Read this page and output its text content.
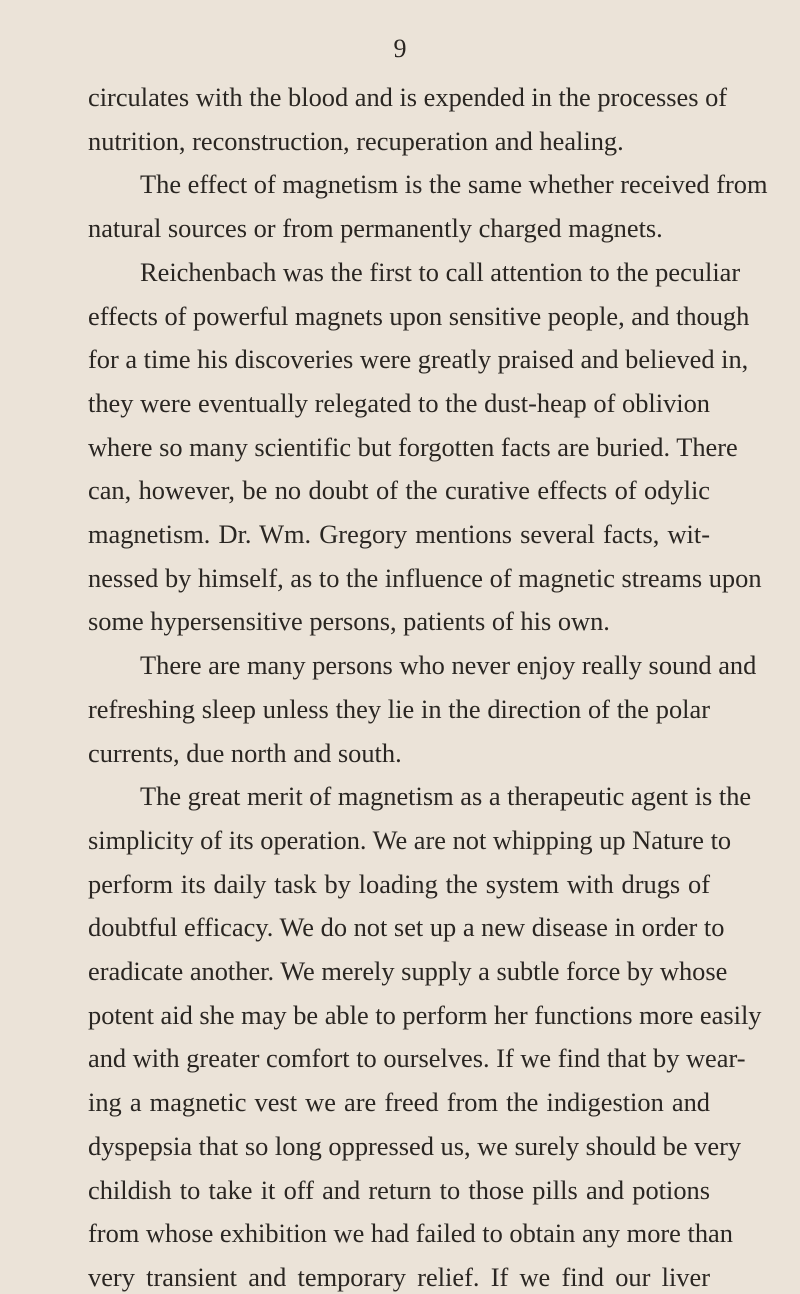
9
circulates with the blood and is expended in the processes of
nutrition, reconstruction, recuperation and healing.
The effect of magnetism is the same whether received from
natural sources or from permanently charged magnets.
Reichenbach was the first to call attention to the peculiar
effects of powerful magnets upon sensitive people, and though
for a time his discoveries were greatly praised and believed in,
they were eventually relegated to the dust-heap of oblivion
where so many scientific but forgotten facts are buried. There
can, however, be no doubt of the curative effects of odylic
magnetism. Dr. Wm. Gregory mentions several facts, wit-
nessed by himself, as to the influence of magnetic streams upon
some hypersensitive persons, patients of his own.
There are many persons who never enjoy really sound and
refreshing sleep unless they lie in the direction of the polar
currents, due north and south.
The great merit of magnetism as a therapeutic agent is the
simplicity of its operation. We are not whipping up Nature to
perform its daily task by loading the system with drugs of
doubtful efficacy. We do not set up a new disease in order to
eradicate another. We merely supply a subtle force by whose
potent aid she may be able to perform her functions more easily
and with greater comfort to ourselves. If we find that by wear-
ing a magnetic vest we are freed from the indigestion and
dyspepsia that so long oppressed us, we surely should be very
childish to take it off and return to those pills and potions
from whose exhibition we had failed to obtain any more than
very transient and temporary relief. If we find our liver
